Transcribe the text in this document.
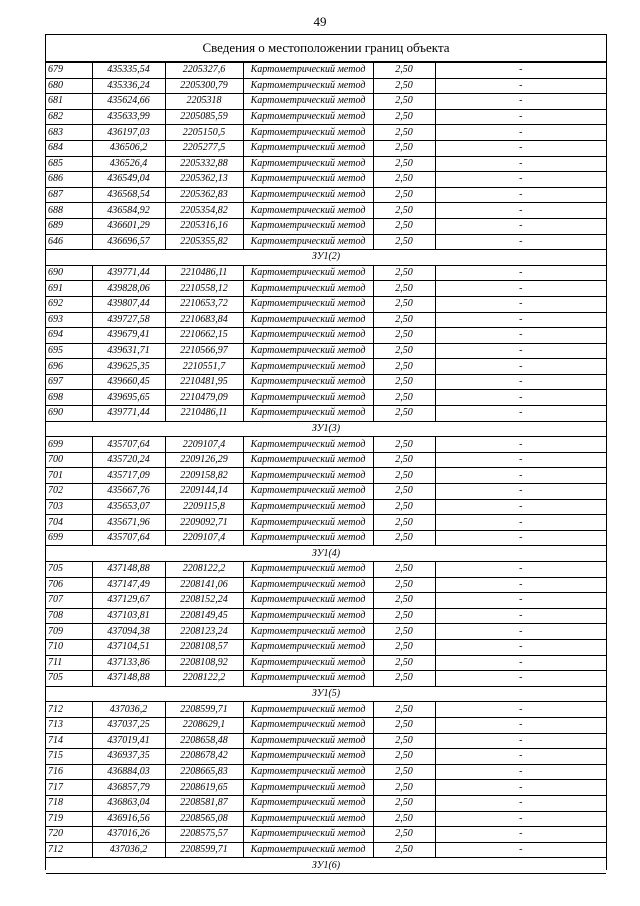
49
Сведения о местоположении границ объекта
679	435335,54	2205327,6	Картометрический метод	2,50	-
680	435336,24	2205300,79	Картометрический метод	2,50	-
681	435624,66	2205318	Картометрический метод	2,50	-
682	435633,99	2205085,59	Картометрический метод	2,50	-
683	436197,03	2205150,5	Картометрический метод	2,50	-
684	436506,2	2205277,5	Картометрический метод	2,50	-
685	436526,4	2205332,88	Картометрический метод	2,50	-
686	436549,04	2205362,13	Картометрический метод	2,50	-
687	436568,54	2205362,83	Картометрический метод	2,50	-
688	436584,92	2205354,82	Картометрический метод	2,50	-
689	436601,29	2205316,16	Картометрический метод	2,50	-
646	436696,57	2205355,82	Картометрический метод	2,50	-
ЗУ1(2)					
690	439771,44	2210486,11	Картометрический метод	2,50	-
691	439828,06	2210558,12	Картометрический метод	2,50	-
692	439807,44	2210653,72	Картометрический метод	2,50	-
693	439727,58	2210683,84	Картометрический метод	2,50	-
694	439679,41	2210662,15	Картометрический метод	2,50	-
695	439631,71	2210566,97	Картометрический метод	2,50	-
696	439625,35	2210551,7	Картометрический метод	2,50	-
697	439660,45	2210481,95	Картометрический метод	2,50	-
698	439695,65	2210479,09	Картометрический метод	2,50	-
690	439771,44	2210486,11	Картометрический метод	2,50	-
ЗУ1(3)					
699	435707,64	2209107,4	Картометрический метод	2,50	-
700	435720,24	2209126,29	Картометрический метод	2,50	-
701	435717,09	2209158,82	Картометрический метод	2,50	-
702	435667,76	2209144,14	Картометрический метод	2,50	-
703	435653,07	2209115,8	Картометрический метод	2,50	-
704	435671,96	2209092,71	Картометрический метод	2,50	-
699	435707,64	2209107,4	Картометрический метод	2,50	-
ЗУ1(4)					
705	437148,88	2208122,2	Картометрический метод	2,50	-
706	437147,49	2208141,06	Картометрический метод	2,50	-
707	437129,67	2208152,24	Картометрический метод	2,50	-
708	437103,81	2208149,45	Картометрический метод	2,50	-
709	437094,38	2208123,24	Картометрический метод	2,50	-
710	437104,51	2208108,57	Картометрический метод	2,50	-
711	437133,86	2208108,92	Картометрический метод	2,50	-
705	437148,88	2208122,2	Картометрический метод	2,50	-
ЗУ1(5)					
712	437036,2	2208599,71	Картометрический метод	2,50	-
713	437037,25	2208629,1	Картометрический метод	2,50	-
714	437019,41	2208658,48	Картометрический метод	2,50	-
715	436937,35	2208678,42	Картометрический метод	2,50	-
716	436884,03	2208665,83	Картометрический метод	2,50	-
717	436857,79	2208619,65	Картометрический метод	2,50	-
718	436863,04	2208581,87	Картометрический метод	2,50	-
719	436916,56	2208565,08	Картометрический метод	2,50	-
720	437016,26	2208575,57	Картометрический метод	2,50	-
712	437036,2	2208599,71	Картометрический метод	2,50	-
ЗУ1(6)					
